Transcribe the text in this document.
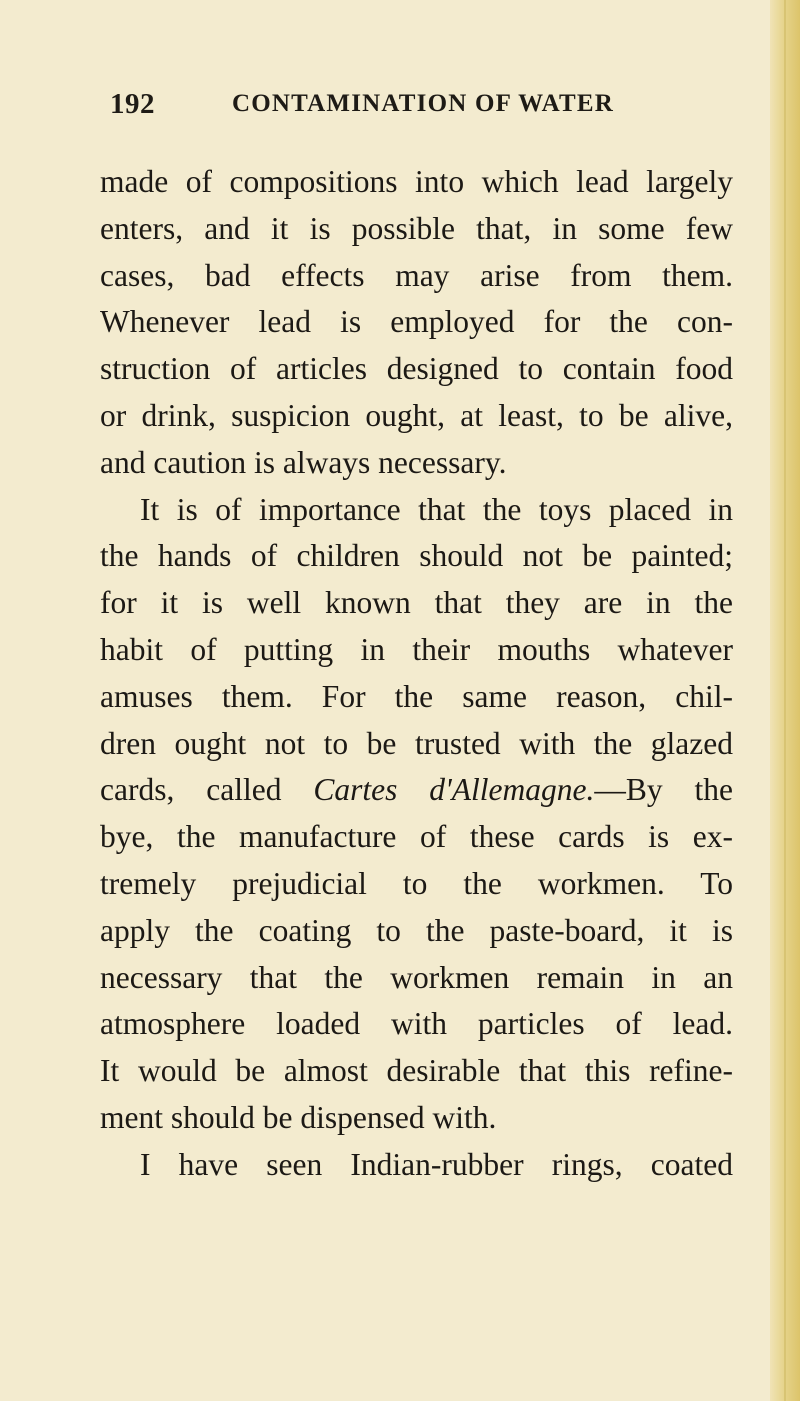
192	CONTAMINATION OF WATER
made of compositions into which lead largely
enters, and it is possible that, in some few
cases, bad effects may arise from them.
Whenever lead is employed for the con-
struction of articles designed to contain food
or drink, suspicion ought, at least, to be alive,
and caution is always necessary.
It is of importance that the toys placed in
the hands of children should not be painted;
for it is well known that they are in the
habit of putting in their mouths whatever
amuses them. For the same reason, chil-
dren ought not to be trusted with the glazed
cards, called Cartes d'Allemagne.—By the
bye, the manufacture of these cards is ex-
tremely prejudicial to the workmen. To
apply the coating to the paste-board, it is
necessary that the workmen remain in an
atmosphere loaded with particles of lead.
It would be almost desirable that this refine-
ment should be dispensed with.
I have seen Indian-rubber rings, coated
